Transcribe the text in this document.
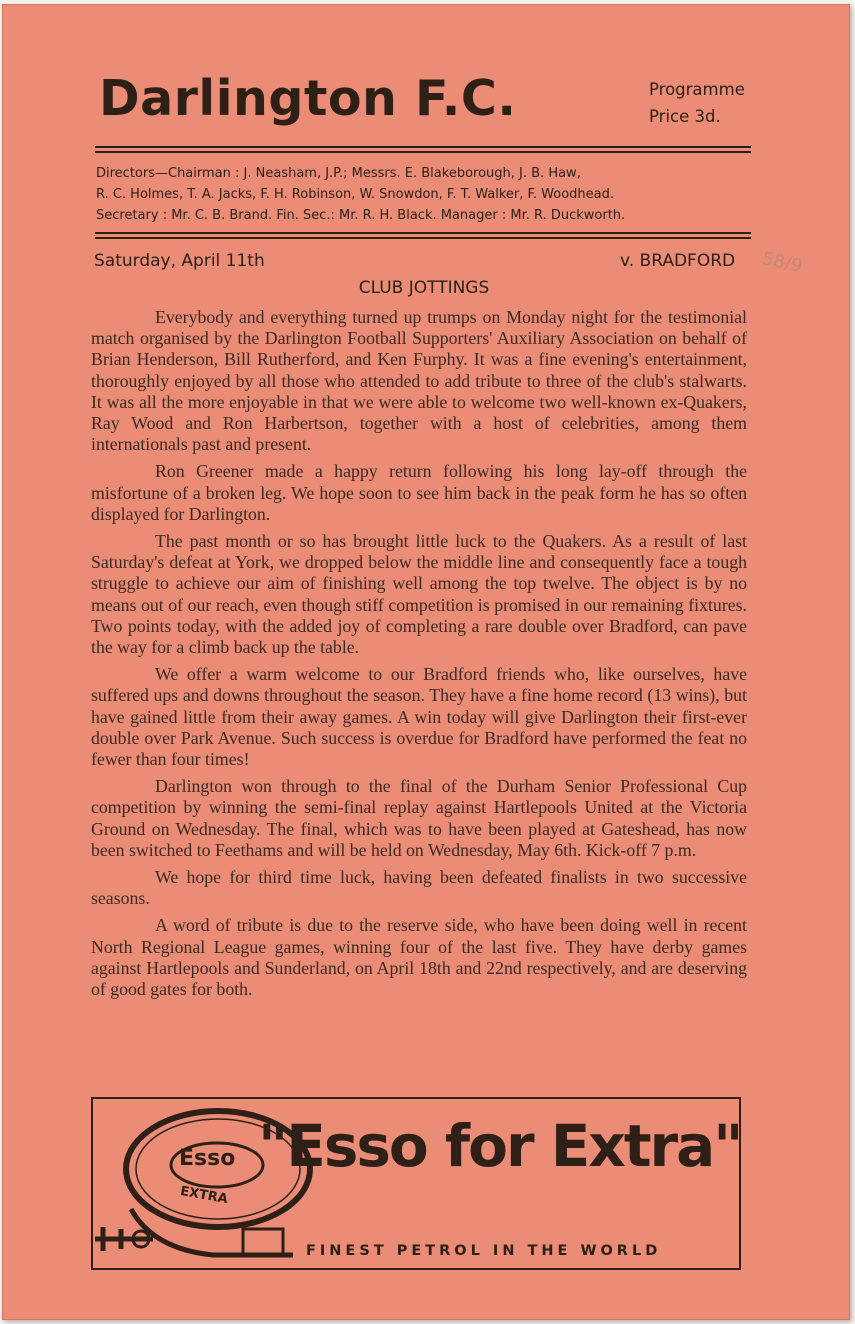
Darlington F.C.	Programme
Price 3d.
Directors—Chairman : J. Neasham, J.P.; Messrs. E. Blakeborough, J. B. Haw,
R. C. Holmes, T. A. Jacks, F. H. Robinson, W. Snowdon, F. T. Walker, F. Woodhead.
Secretary : Mr. C. B. Brand. Fin. Sec.: Mr. R. H. Black. Manager : Mr. R. Duckworth.
Saturday, April 11th	v. BRADFORD 58/9
CLUB JOTTINGS

Everybody and everything turned up trumps on Monday night for the testimonial match organised by the Darlington Football Supporters' Auxiliary Association on behalf of Brian Henderson, Bill Rutherford, and Ken Furphy. It was a fine evening's entertainment, thoroughly enjoyed by all those who attended to add tribute to three of the club's stalwarts. It was all the more enjoyable in that we were able to welcome two well-known ex-Quakers, Ray Wood and Ron Harbertson, together with a host of celebrities, among them internationals past and present.

Ron Greener made a happy return following his long lay-off through the misfortune of a broken leg. We hope soon to see him back in the peak form he has so often displayed for Darlington.

The past month or so has brought little luck to the Quakers. As a result of last Saturday's defeat at York, we dropped below the middle line and consequently face a tough struggle to achieve our aim of finishing well among the top twelve. The object is by no means out of our reach, even though stiff competition is promised in our remaining fixtures. Two points today, with the added joy of completing a rare double over Bradford, can pave the way for a climb back up the table.

We offer a warm welcome to our Bradford friends who, like ourselves, have suffered ups and downs throughout the season. They have a fine home record (13 wins), but have gained little from their away games. A win today will give Darlington their first-ever double over Park Avenue. Such success is overdue for Bradford have performed the feat no fewer than four times!

Darlington won through to the final of the Durham Senior Professional Cup competition by winning the semi-final replay against Hartlepools United at the Victoria Ground on Wednesday. The final, which was to have been played at Gateshead, has now been switched to Feethams and will be held on Wednesday, May 6th. Kick-off 7 p.m.

We hope for third time luck, having been defeated finalists in two successive seasons.

A word of tribute is due to the reserve side, who have been doing well in recent North Regional League games, winning four of the last five. They have derby games against Hartlepools and Sunderland, on April 18th and 22nd respectively, and are deserving of good gates for both.

Esso
EXTRA
"Esso for Extra"
FINEST PETROL IN THE WORLD
